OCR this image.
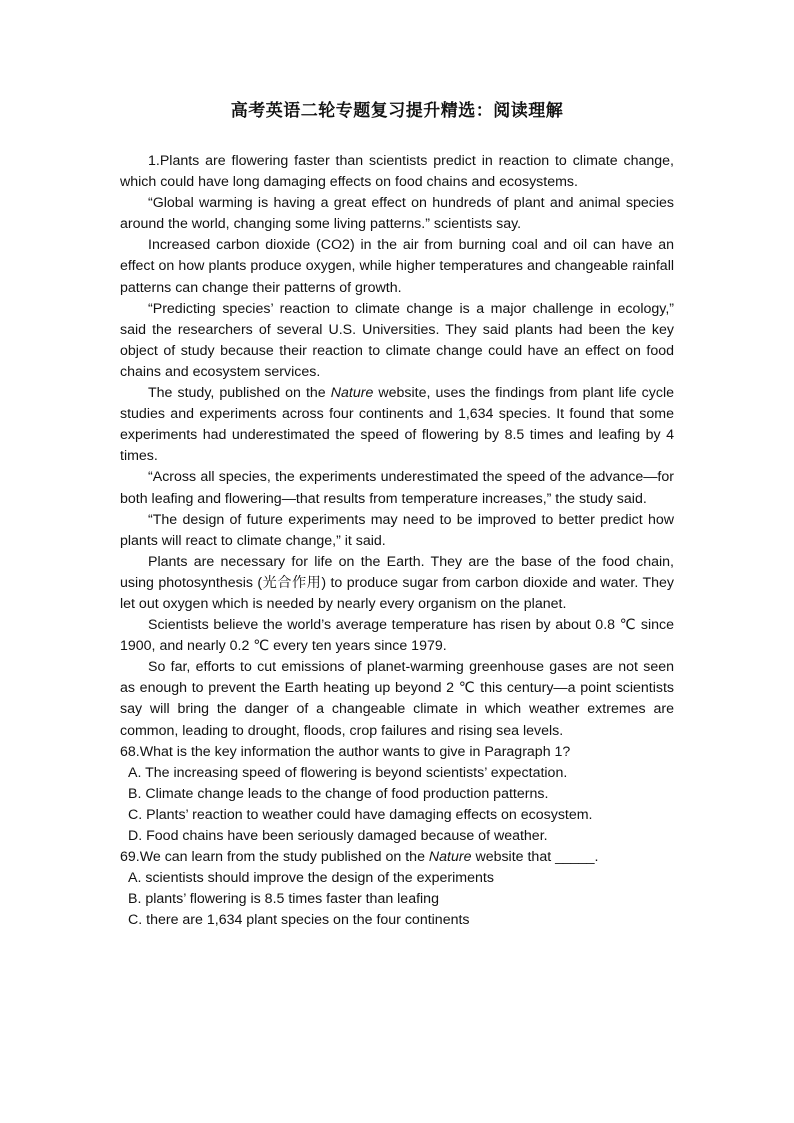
高考英语二轮专题复习提升精选：阅读理解

1.Plants are flowering faster than scientists predict in reaction to climate change, which could have long damaging effects on food chains and ecosystems.

“Global warming is having a great effect on hundreds of plant and animal species around the world, changing some living patterns.” scientists say.

Increased carbon dioxide (CO2) in the air from burning coal and oil can have an effect on how plants produce oxygen, while higher temperatures and changeable rainfall patterns can change their patterns of growth.

“Predicting species’ reaction to climate change is a major challenge in ecology,” said the researchers of several U.S. Universities. They said plants had been the key object of study because their reaction to climate change could have an effect on food chains and ecosystem services.

The study, published on the Nature website, uses the findings from plant life cycle studies and experiments across four continents and 1,634 species. It found that some experiments had underestimated the speed of flowering by 8.5 times and leafing by 4 times.

“Across all species, the experiments underestimated the speed of the advance—for both leafing and flowering—that results from temperature increases,” the study said.

“The design of future experiments may need to be improved to better predict how plants will react to climate change,” it said.

Plants are necessary for life on the Earth. They are the base of the food chain, using photosynthesis (光合作用) to produce sugar from carbon dioxide and water. They let out oxygen which is needed by nearly every organism on the planet.

Scientists believe the world’s average temperature has risen by about 0.8 ℃ since 1900, and nearly 0.2 ℃ every ten years since 1979.

So far, efforts to cut emissions of planet-warming greenhouse gases are not seen as enough to prevent the Earth heating up beyond 2 ℃ this century—a point scientists say will bring the danger of a changeable climate in which weather extremes are common, leading to drought, floods, crop failures and rising sea levels.

68.What is the key information the author wants to give in Paragraph 1?

A. The increasing speed of flowering is beyond scientists’ expectation.

B. Climate change leads to the change of food production patterns.

C. Plants’ reaction to weather could have damaging effects on ecosystem.

D. Food chains have been seriously damaged because of weather.

69.We can learn from the study published on the Nature website that _____.

A. scientists should improve the design of the experiments

B. plants’ flowering is 8.5 times faster than leafing

C. there are 1,634 plant species on the four continents
